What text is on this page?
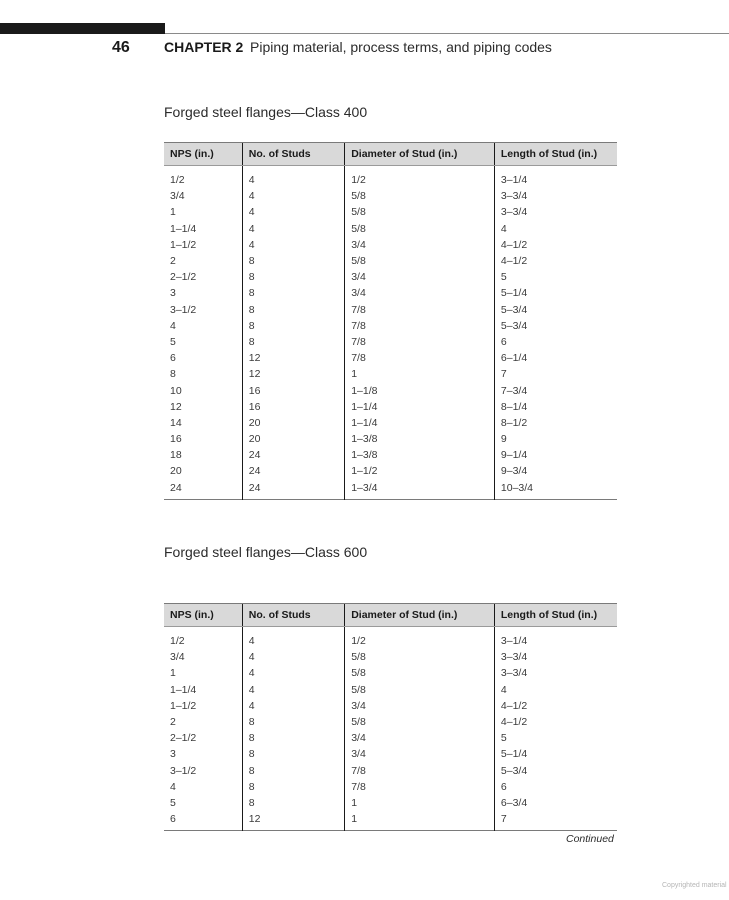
46 CHAPTER 2 Piping material, process terms, and piping codes
Forged steel flanges—Class 400
NPS (in.)	No. of Studs	Diameter of Stud (in.)	Length of Stud (in.)
1/2	4	1/2	3–1/4
3/4	4	5/8	3–3/4
1	4	5/8	3–3/4
1–1/4	4	5/8	4
1–1/2	4	3/4	4–1/2
2	8	5/8	4–1/2
2–1/2	8	3/4	5
3	8	3/4	5–1/4
3–1/2	8	7/8	5–3/4
4	8	7/8	5–3/4
5	8	7/8	6
6	12	7/8	6–1/4
8	12	1	7
10	16	1–1/8	7–3/4
12	16	1–1/4	8–1/4
14	20	1–1/4	8–1/2
16	20	1–3/8	9
18	24	1–3/8	9–1/4
20	24	1–1/2	9–3/4
24	24	1–3/4	10–3/4
Forged steel flanges—Class 600
NPS (in.)	No. of Studs	Diameter of Stud (in.)	Length of Stud (in.)
1/2	4	1/2	3–1/4
3/4	4	5/8	3–3/4
1	4	5/8	3–3/4
1–1/4	4	5/8	4
1–1/2	4	3/4	4–1/2
2	8	5/8	4–1/2
2–1/2	8	3/4	5
3	8	3/4	5–1/4
3–1/2	8	7/8	5–3/4
4	8	7/8	6
5	8	1	6–3/4
6	12	1	7
Continued
Copyrighted material
